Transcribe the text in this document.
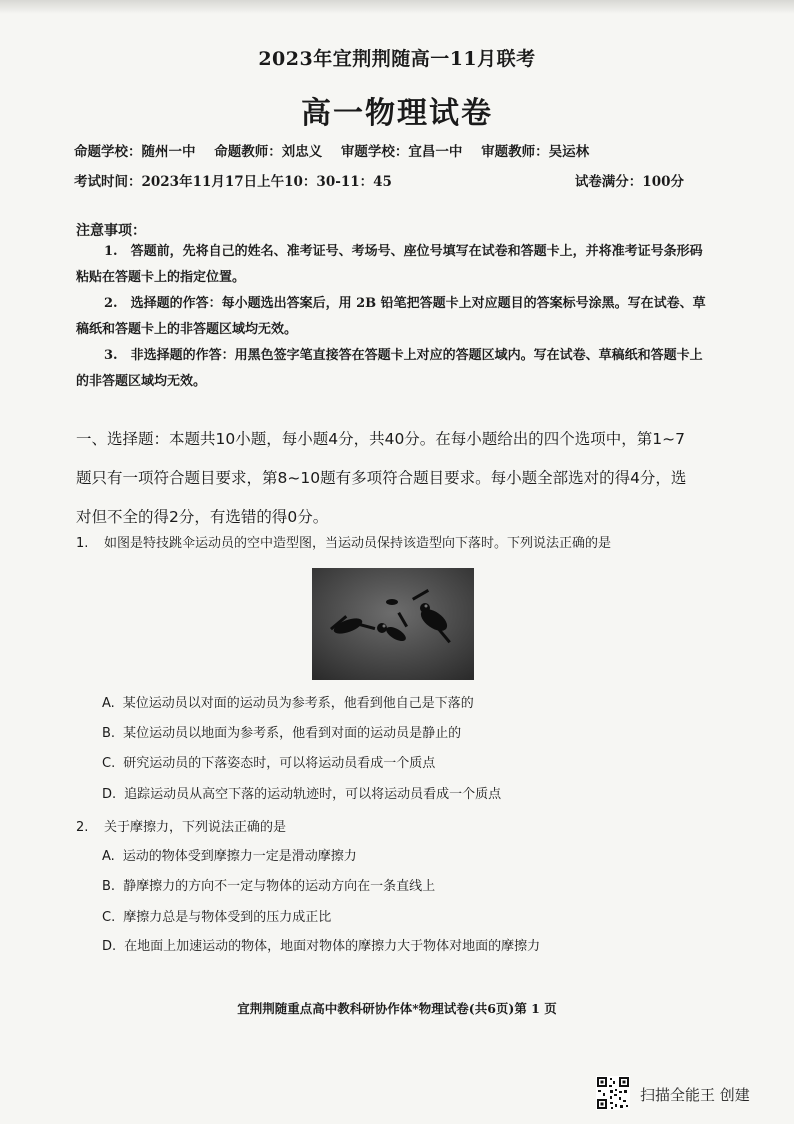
2023年宜荆荆随高一11月联考
高一物理试卷
命题学校：随州一中 命题教师：刘忠义 审题学校：宜昌一中 审题教师：吴运林
考试时间：2023年11月17日上午10：30-11：45	试卷满分：100分
注意事项：
1.　答题前，先将自己的姓名、准考证号、考场号、座位号填写在试卷和答题卡上，并将准考证号条形码粘贴在答题卡上的指定位置。
2.　选择题的作答：每小题选出答案后，用 2B 铅笔把答题卡上对应题目的答案标号涂黑。写在试卷、草稿纸和答题卡上的非答题区域均无效。
3.　非选择题的作答：用黑色签字笔直接答在答题卡上对应的答题区域内。写在试卷、草稿纸和答题卡上的非答题区域均无效。
一、选择题：本题共10小题，每小题4分，共40分。在每小题给出的四个选项中，第1~7题只有一项符合题目要求，第8~10题有多项符合题目要求。每小题全部选对的得4分，选对但不全的得2分，有选错的得0分。
1. 如图是特技跳伞运动员的空中造型图，当运动员保持该造型向下落时。下列说法正确的是
A. 某位运动员以对面的运动员为参考系，他看到他自己是下落的
B. 某位运动员以地面为参考系，他看到对面的运动员是静止的
C. 研究运动员的下落姿态时，可以将运动员看成一个质点
D. 追踪运动员从高空下落的运动轨迹时，可以将运动员看成一个质点
2. 关于摩擦力，下列说法正确的是
A. 运动的物体受到摩擦力一定是滑动摩擦力
B. 静摩擦力的方向不一定与物体的运动方向在一条直线上
C. 摩擦力总是与物体受到的压力成正比
D. 在地面上加速运动的物体，地面对物体的摩擦力大于物体对地面的摩擦力
宜荆荆随重点高中教科研协作体*物理试卷(共6页)第 1 页
扫描全能王 创建
